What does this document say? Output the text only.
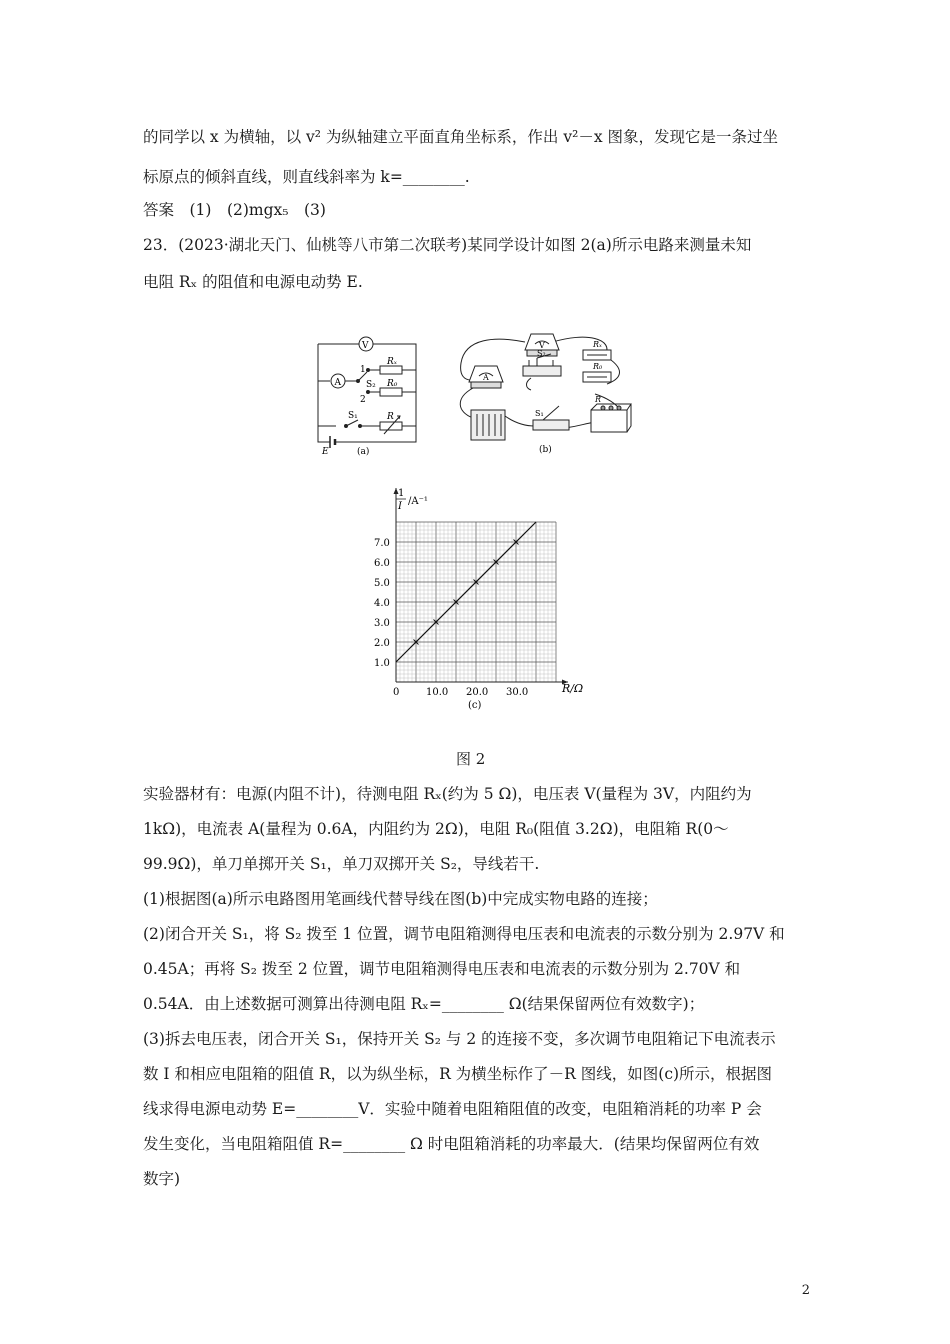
的同学以 x 为横轴，以 v² 为纵轴建立平面直角坐标系，作出 v²－x 图象，发现它是一条过坐
标原点的倾斜直线，则直线斜率为 k=________.
答案　(1)　(2)mgx₅　(3)
23．(2023·湖北天门、仙桃等八市第二次联考)某同学设计如图 2(a)所示电路来测量未知
电阻 Rₓ 的阻值和电源电动势 E.
V
A
1
2
S₂
S₁
Rₓ
R₀
R
E	(a)
V
A
S₂
S₁
Rₓ
R₀
R
(b)
0	10.0 20.0 30.0
1.0
2.0
3.0
4.0
5.0
6.0
7.0
1
I /A⁻¹
R/Ω
(c)
图 2
实验器材有：电源(内阻不计)，待测电阻 Rₓ(约为 5 Ω)，电压表 V(量程为 3V，内阻约为
1kΩ)，电流表 A(量程为 0.6A，内阻约为 2Ω)，电阻 R₀(阻值 3.2Ω)，电阻箱 R(0～
99.9Ω)，单刀单掷开关 S₁，单刀双掷开关 S₂，导线若干.
(1)根据图(a)所示电路图用笔画线代替导线在图(b)中完成实物电路的连接；
(2)闭合开关 S₁，将 S₂ 拨至 1 位置，调节电阻箱测得电压表和电流表的示数分别为 2.97V 和
0.45A；再将 S₂ 拨至 2 位置，调节电阻箱测得电压表和电流表的示数分别为 2.70V 和
0.54A．由上述数据可测算出待测电阻 Rₓ=________ Ω(结果保留两位有效数字)；
(3)拆去电压表，闭合开关 S₁，保持开关 S₂ 与 2 的连接不变，多次调节电阻箱记下电流表示
数 I 和相应电阻箱的阻值 R，以为纵坐标，R 为横坐标作了－R 图线，如图(c)所示，根据图
线求得电源电动势 E=________V．实验中随着电阻箱阻值的改变，电阻箱消耗的功率 P 会
发生变化，当电阻箱阻值 R=________ Ω 时电阻箱消耗的功率最大．(结果均保留两位有效
数字)
2
